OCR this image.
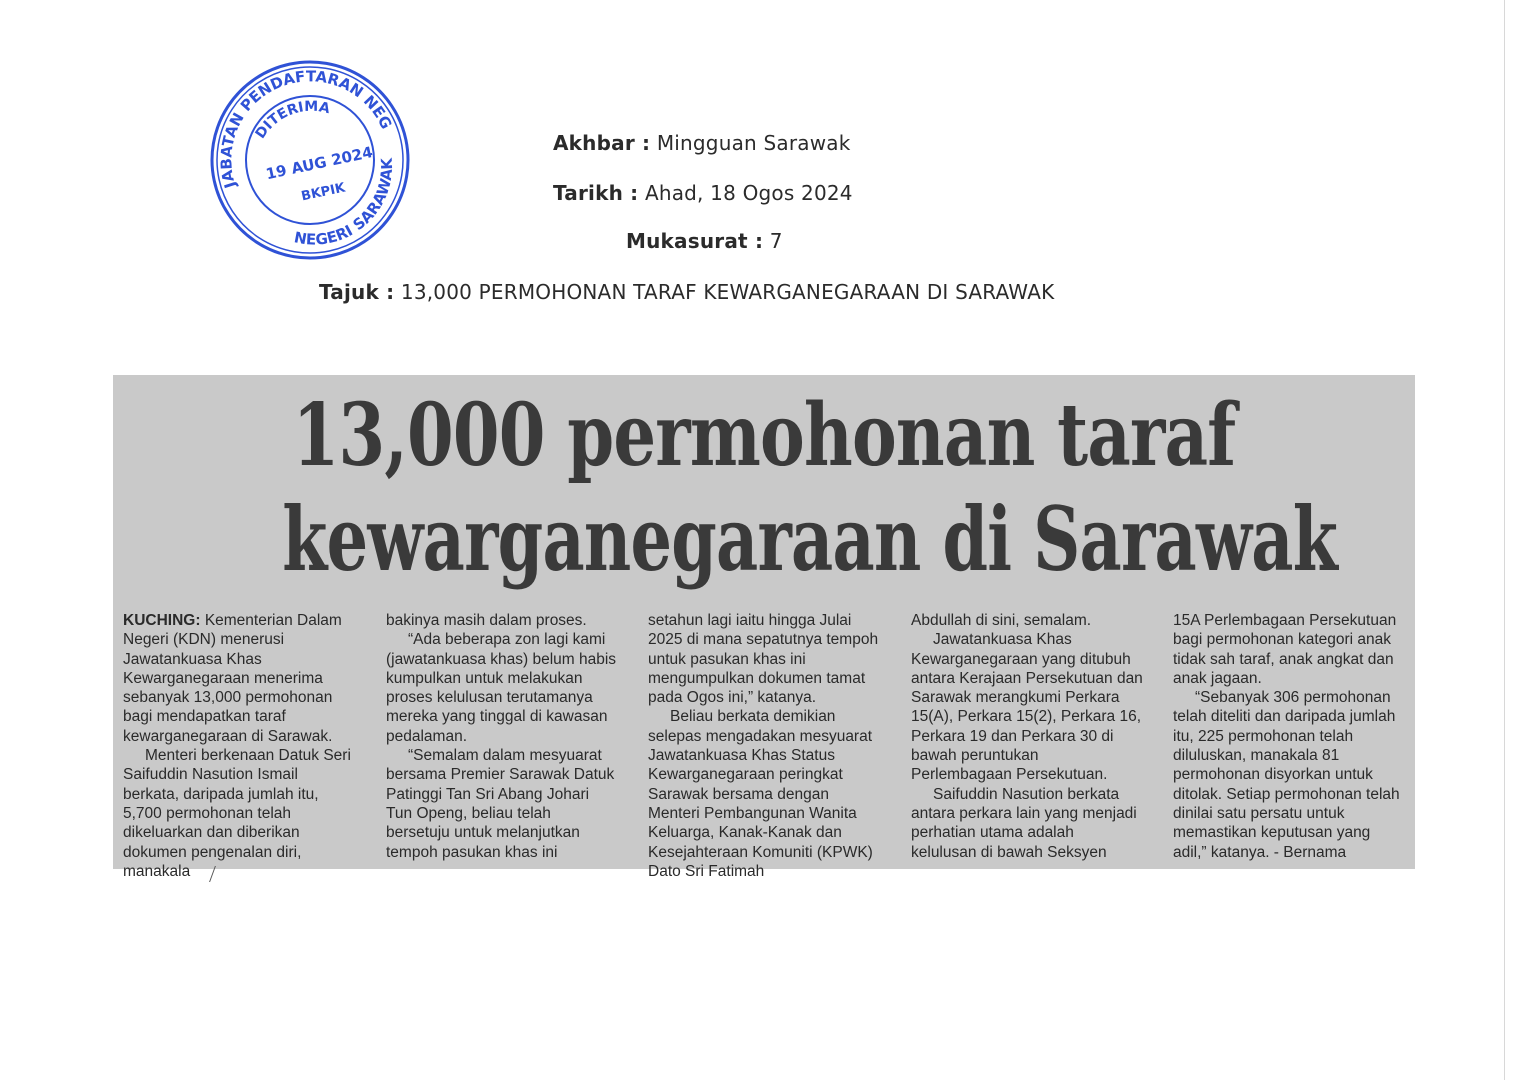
JABATAN PENDAFTARAN NEGARA
NEGERI SARAWAK
DITERIMA
19 AUG 2024
BKPIK
Akhbar : Mingguan Sarawak
Tarikh : Ahad, 18 Ogos 2024
Mukasurat : 7
Tajuk : 13,000 PERMOHONAN TARAF KEWARGANEGARAAN DI SARAWAK
13,000 permohonan taraf
kewarganegaraan di Sarawak

KUCHING: Kementerian Dalam Negeri (KDN) menerusi Jawatankuasa Khas Kewarganegaraan menerima sebanyak 13,000 permohonan bagi mendapatkan taraf kewarganegaraan di Sarawak.

Menteri berkenaan Datuk Seri Saifuddin Nasution Ismail berkata, daripada jumlah itu, 5,700 permohonan telah dikeluarkan dan diberikan dokumen pengenalan diri, manakala

bakinya masih dalam proses.

“Ada beberapa zon lagi kami (jawatankuasa khas) belum habis kumpulkan untuk melakukan proses kelulusan terutamanya mereka yang tinggal di kawasan pedalaman.

“Semalam dalam mesyuarat bersama Premier Sarawak Datuk Patinggi Tan Sri Abang Johari Tun Openg, beliau telah bersetuju untuk melanjutkan tempoh pasukan khas ini

setahun lagi iaitu hingga Julai 2025 di mana sepatutnya tempoh untuk pasukan khas ini mengumpulkan dokumen tamat pada Ogos ini,” katanya.

Beliau berkata demikian selepas mengadakan mesyuarat Jawatankuasa Khas Status Kewarganegaraan peringkat Sarawak bersama dengan Menteri Pembangunan Wanita Keluarga, Kanak-Kanak dan Kesejahteraan Komuniti (KPWK) Dato Sri Fatimah

Abdullah di sini, semalam.

Jawatankuasa Khas Kewarganegaraan yang ditubuh antara Kerajaan Persekutuan dan Sarawak merangkumi Perkara 15(A), Perkara 15(2), Perkara 16, Perkara 19 dan Perkara 30 di bawah peruntukan Perlembagaan Persekutuan.

Saifuddin Nasution berkata antara perkara lain yang menjadi perhatian utama adalah kelulusan di bawah Seksyen

15A Perlembagaan Persekutuan bagi permohonan kategori anak tidak sah taraf, anak angkat dan anak jagaan.

“Sebanyak 306 permohonan telah diteliti dan daripada jumlah itu, 225 permohonan telah diluluskan, manakala 81 permohonan disyorkan untuk ditolak. Setiap permohonan telah dinilai satu persatu untuk memastikan keputusan yang adil,” katanya. - Bernama
